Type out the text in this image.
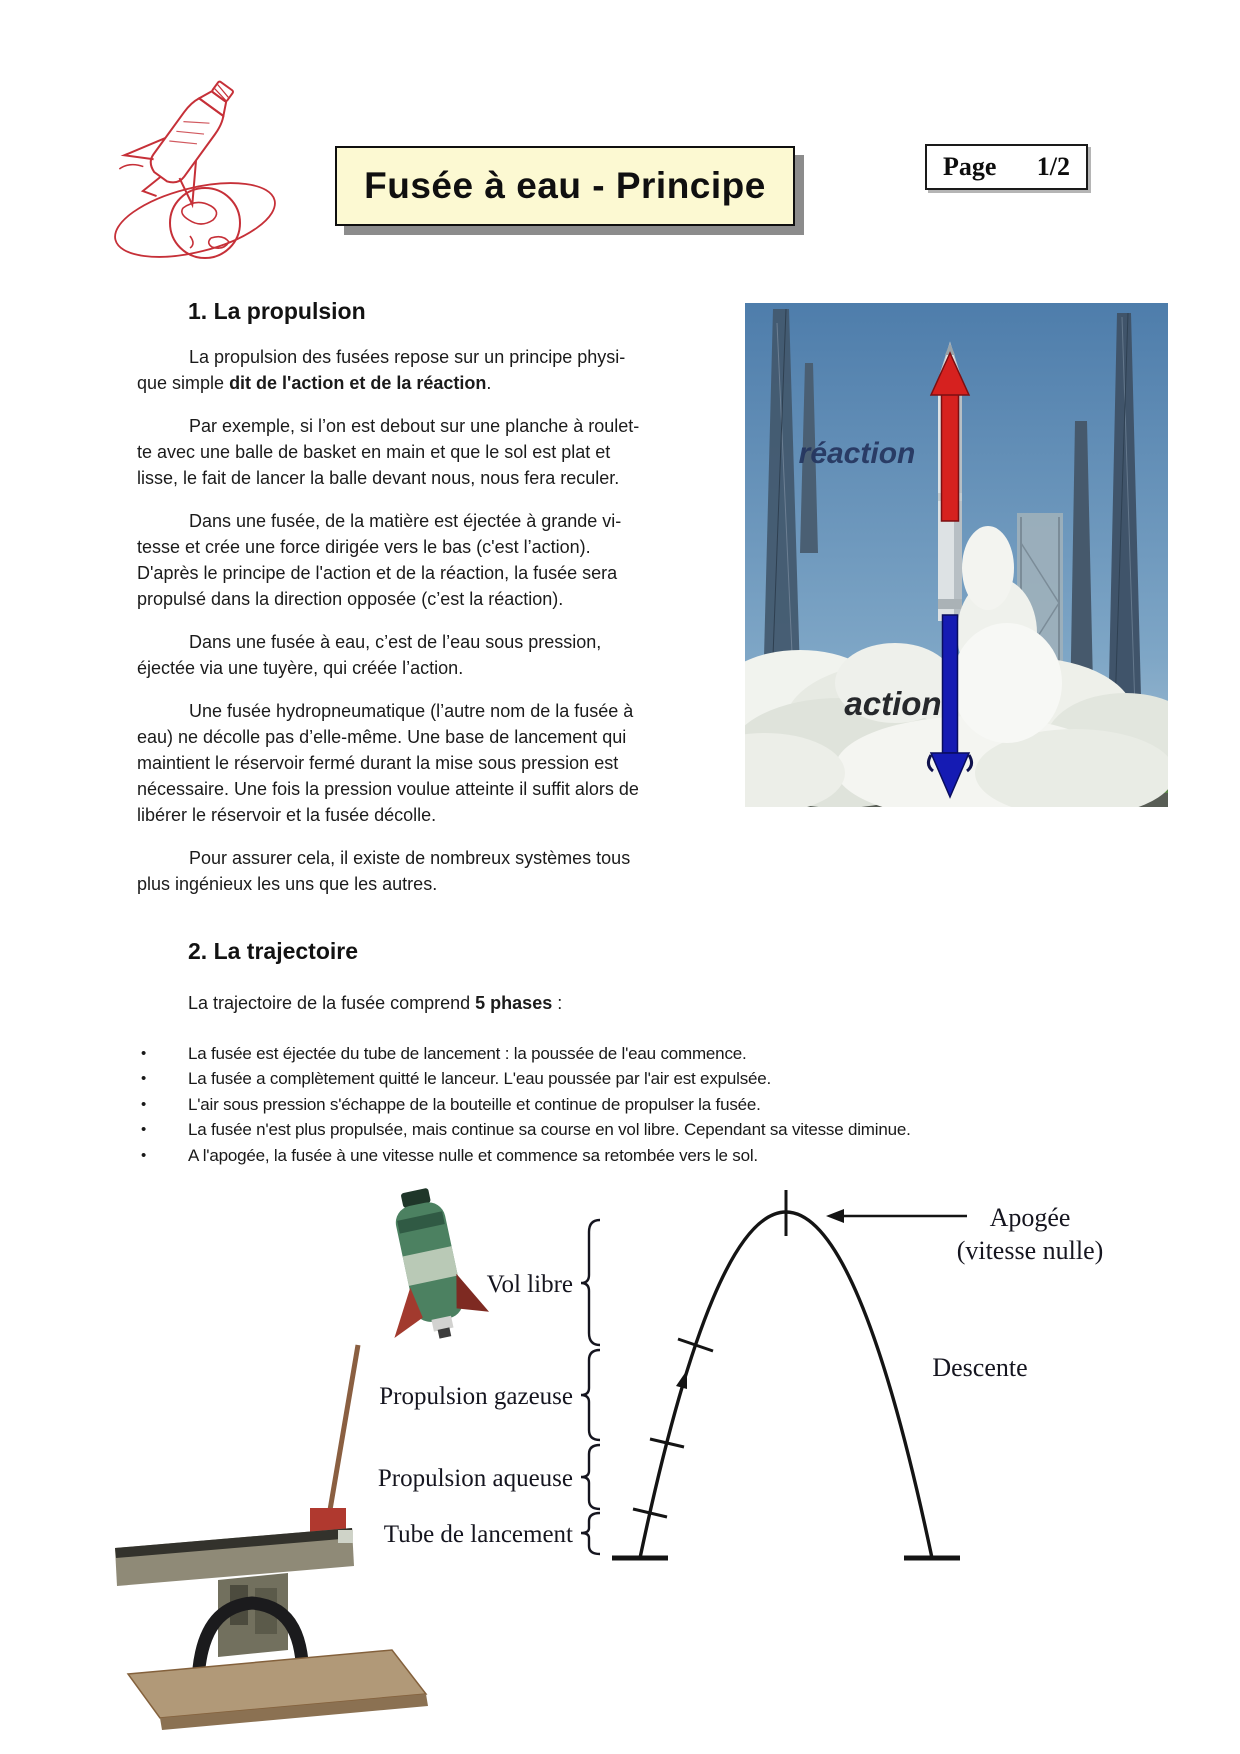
Fusée à eau - Principe	Page 1/2
1. La propulsion

La propulsion des fusées repose sur un principe physi-
que simple dit de l'action et de la réaction.

Par exemple, si l’on est debout sur une planche à roulet-
te avec une balle de basket en main et que le sol est plat et
lisse, le fait de lancer la balle devant nous, nous fera reculer.

Dans une fusée, de la matière est éjectée à grande vi-
tesse et crée une force dirigée vers le bas (c'est l’action).
D'après le principe de l'action et de la réaction, la fusée sera
propulsé dans la direction opposée (c’est la réaction).

Dans une fusée à eau, c’est de l’eau sous pression,
éjectée via une tuyère, qui créée l’action.

Une fusée hydropneumatique (l’autre nom de la fusée à
eau) ne décolle pas d’elle-même. Une base de lancement qui
maintient le réservoir fermé durant la mise sous pression est
nécessaire. Une fois la pression voulue atteinte il suffit alors de
libérer le réservoir et la fusée décolle.

Pour assurer cela, il existe de nombreux systèmes tous
plus ingénieux les uns que les autres.

réaction
action
2. La trajectoire
La trajectoire de la fusée comprend 5 phases :
• La fusée est éjectée du tube de lancement : la poussée de l'eau commence.
• La fusée a complètement quitté le lanceur. L'eau poussée par l'air est expulsée.
• L'air sous pression s'échappe de la bouteille et continue de propulser la fusée.
• La fusée n'est plus propulsée, mais continue sa course en vol libre. Cependant sa vitesse diminue.
• A l'apogée, la fusée à une vitesse nulle et commence sa retombée vers le sol.
Vol libre
Propulsion gazeuse
Propulsion aqueuse
Tube de lancement
Apogée
(vitesse nulle)
Descente
